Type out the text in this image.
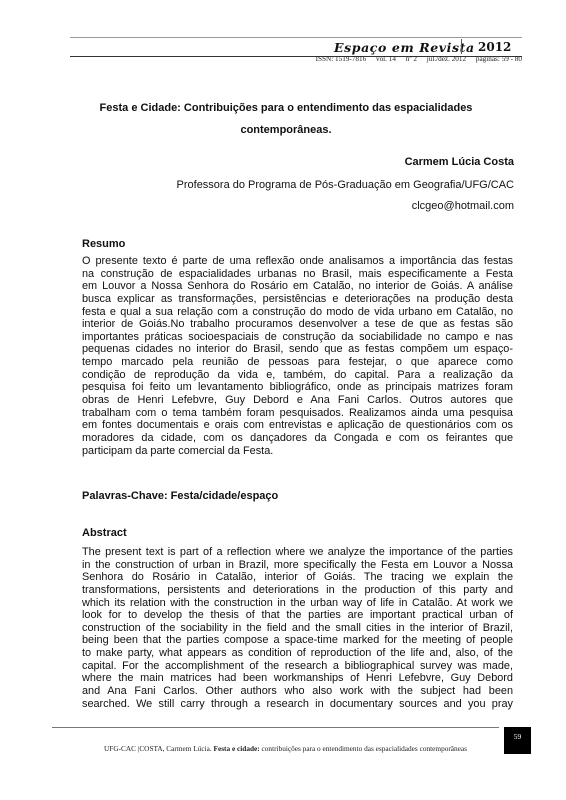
Espaço em Revista 2012
ISSN: 1519-7816 vol. 14 nº 2 jul./dez. 2012 páginas: 59 - 80
Festa e Cidade: Contribuições para o entendimento das espacialidades
contemporâneas.
Carmem Lúcia Costa
Professora do Programa de Pós-Graduação em Geografia/UFG/CAC
clcgeo@hotmail.com
Resumo
O presente texto é parte de uma reflexão onde analisamos a importância das festas
na construção de espacialidades urbanas no Brasil, mais especificamente a Festa
em Louvor a Nossa Senhora do Rosário em Catalão, no interior de Goiás. A análise
busca explicar as transformações, persistências e deteriorações na produção desta
festa e qual a sua relação com a construção do modo de vida urbano em Catalão, no
interior de Goiás.No trabalho procuramos desenvolver a tese de que as festas são
importantes práticas socioespaciais de construção da sociabilidade no campo e nas
pequenas cidades no interior do Brasil, sendo que as festas compõem um espaço-
tempo marcado pela reunião de pessoas para festejar, o que aparece como
condição de reprodução da vida e, também, do capital. Para a realização da
pesquisa foi feito um levantamento bibliográfico, onde as principais matrizes foram
obras de Henri Lefebvre, Guy Debord e Ana Fani Carlos. Outros autores que
trabalham com o tema também foram pesquisados. Realizamos ainda uma pesquisa
em fontes documentais e orais com entrevistas e aplicação de questionários com os
moradores da cidade, com os dançadores da Congada e com os feirantes que
participam da parte comercial da Festa.
Palavras-Chave: Festa/cidade/espaço
Abstract
The present text is part of a reflection where we analyze the importance of the parties
in the construction of urban in Brazil, more specifically the Festa em Louvor a Nossa
Senhora do Rosário in Catalão, interior of Goiás. The tracing we explain the
transformations, persistents and deteriorations in the production of this party and
which its relation with the construction in the urban way of life in Catalão. At work we
look for to develop the thesis of that the parties are important practical urban of
construction of the sociability in the field and the small cities in the interior of Brazil,
being been that the parties compose a space-time marked for the meeting of people
to make party, what appears as condition of reproduction of the life and, also, of the
capital. For the accomplishment of the research a bibliographical survey was made,
where the main matrices had been workmanships of Henri Lefebvre, Guy Debord
and Ana Fani Carlos. Other authors who also work with the subject had been
searched. We still carry through a research in documentary sources and you pray
UFG-CAC |COSTA, Carmem Lúcia. Festa e cidade: contribuições para o entendimento das espacialidades contemporâneas
59
